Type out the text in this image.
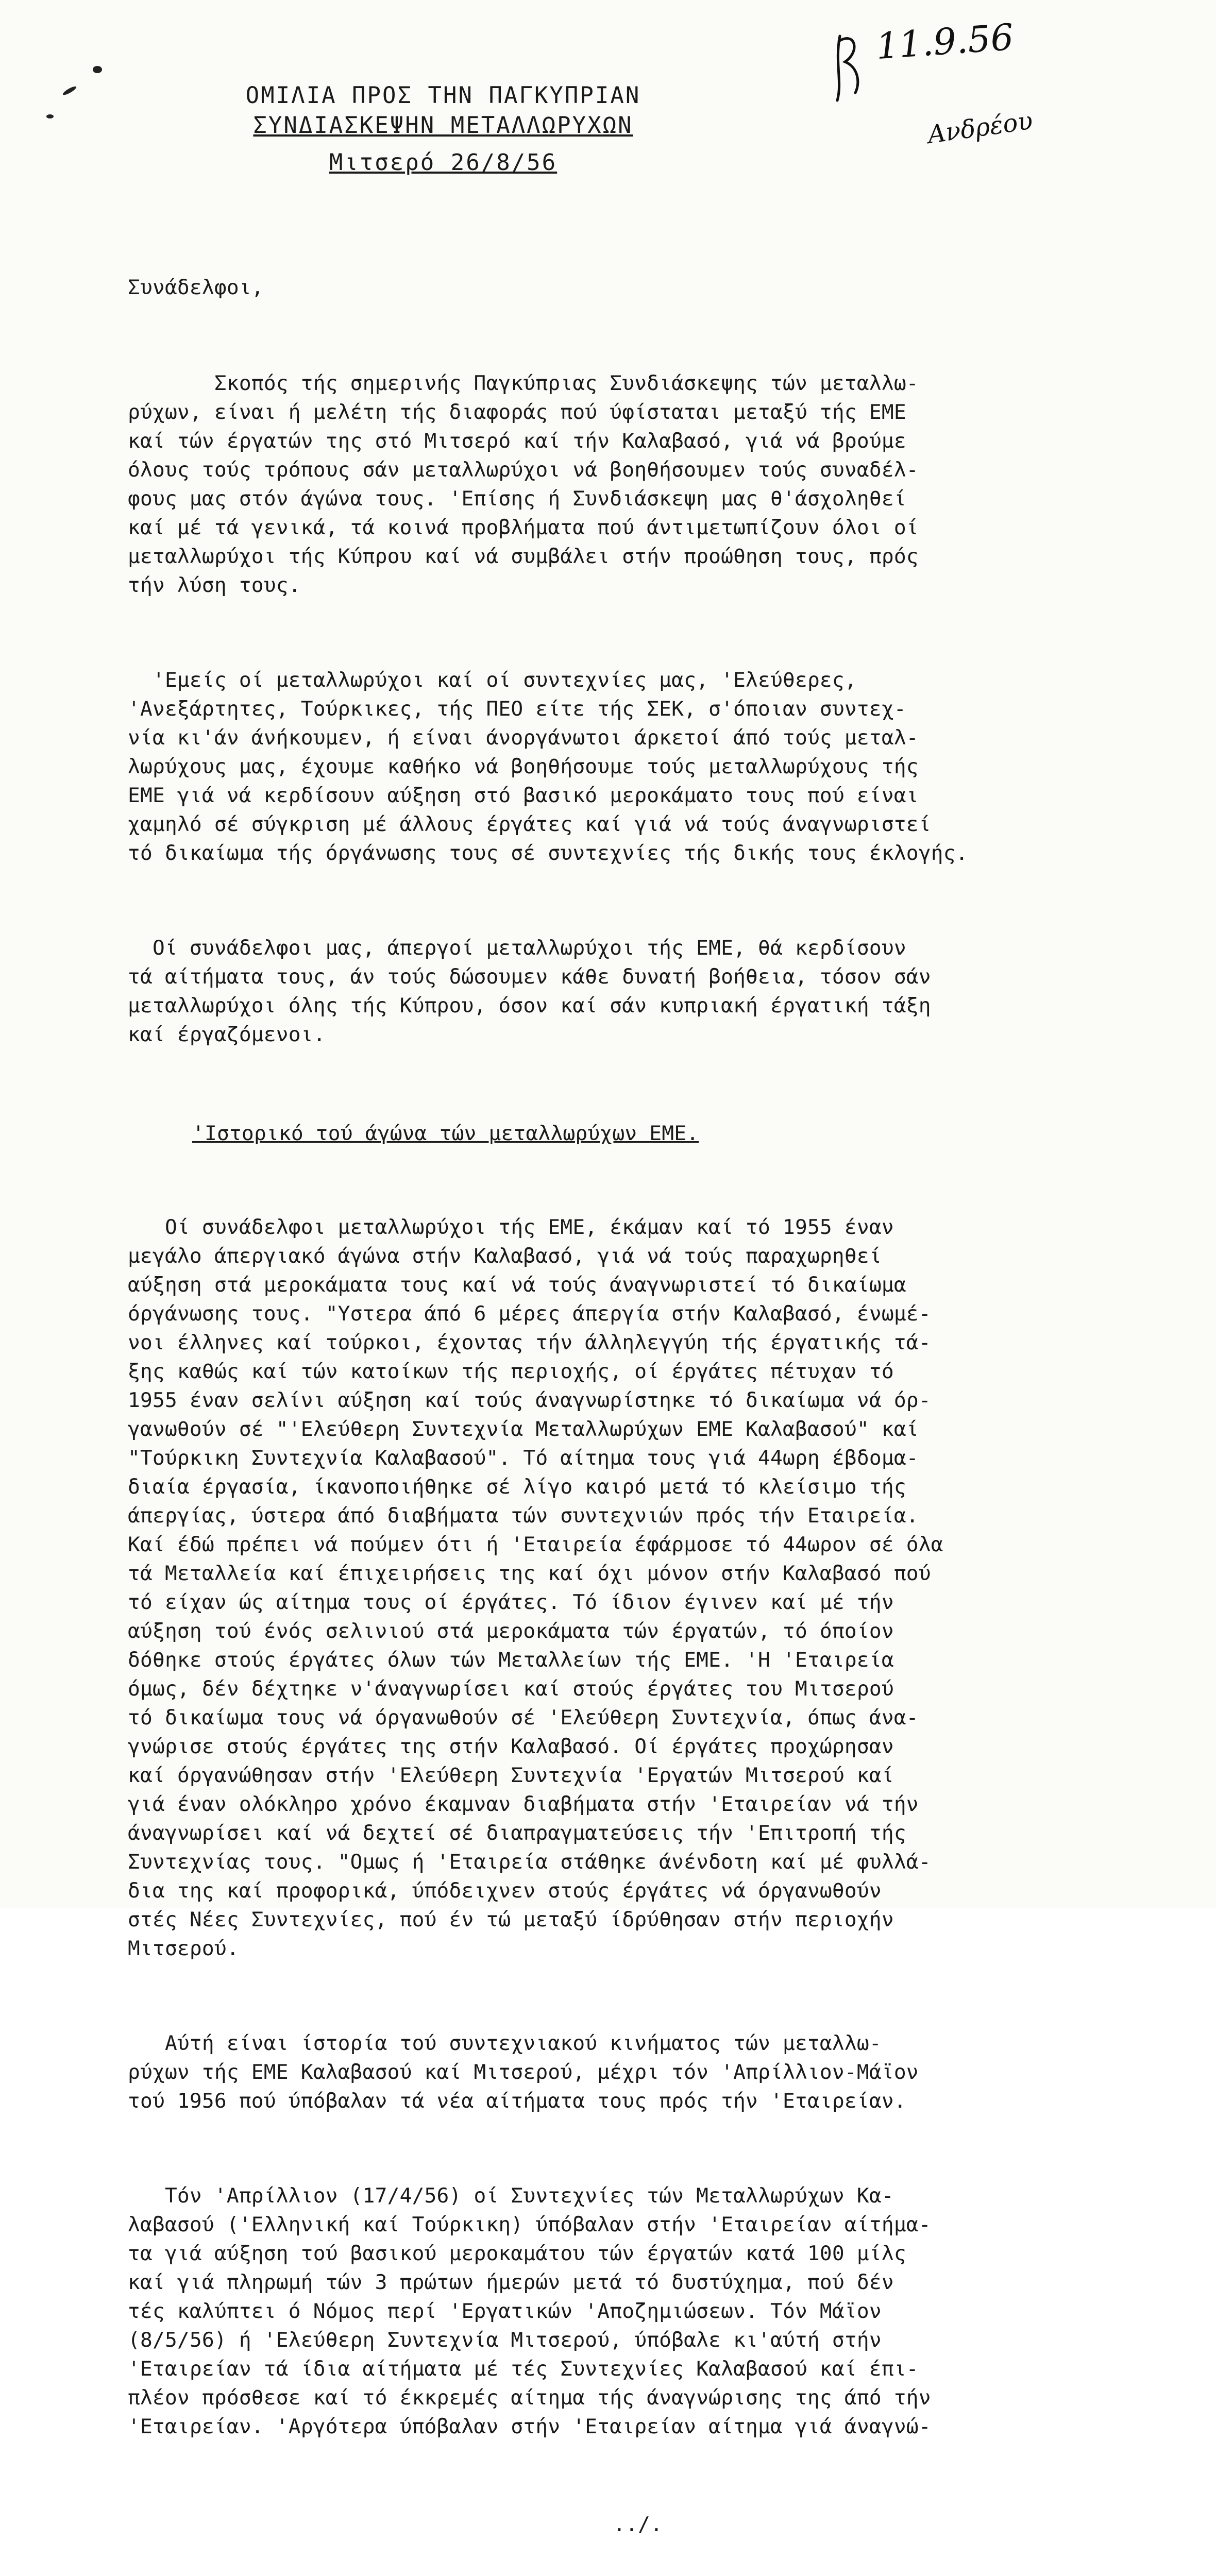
ΟΜΙΛΙΑ ΠΡΟΣ ΤΗΝ ΠΑΓΚΥΠΡΙΑΝ
ΣΥΝΔΙΑΣΚΕΨΗΝ ΜΕΤΑΛΛΩΡΥΧΩΝ
Μιτσερό 26/8/56
11.9.56
Ανδρέου

Συνάδελφοι,

Σκοπός τής σημερινής Παγκύπριας Συνδιάσκεψης τών μεταλλω-
ρύχων, είναι ή μελέτη τής διαφοράς πού ύφίσταται μεταξύ τής ΕΜΕ
καί τών έργατών της στό Μιτσερό καί τήν Καλαβασό, γιά νά βρούμε
όλους τούς τρόπους σάν μεταλλωρύχοι νά βοηθήσουμεν τούς συναδέλ-
φους μας στόν άγώνα τους. 'Επίσης ή Συνδιάσκεψη μας θ'άσχοληθεί
καί μέ τά γενικά, τά κοινά προβλήματα πού άντιμετωπίζουν όλοι οί
μεταλλωρύχοι τής Κύπρου καί νά συμβάλει στήν προώθηση τους, πρός
τήν λύση τους.

'Εμείς οί μεταλλωρύχοι καί οί συντεχνίες μας, 'Ελεύθερες,
'Ανεξάρτητες, Τούρκικες, τής ΠΕΟ είτε τής ΣΕΚ, σ'όποιαν συντεχ-
νία κι'άν άνήκουμεν, ή είναι άνοργάνωτοι άρκετοί άπό τούς μεταλ-
λωρύχους μας, έχουμε καθήκο νά βοηθήσουμε τούς μεταλλωρύχους τής
ΕΜΕ γιά νά κερδίσουν αύξηση στό βασικό μεροκάματο τους πού είναι
χαμηλό σέ σύγκριση μέ άλλους έργάτες καί γιά νά τούς άναγνωριστεί
τό δικαίωμα τής όργάνωσης τους σέ συντεχνίες τής δικής τους έκλογής.

Οί συνάδελφοι μας, άπεργοί μεταλλωρύχοι τής ΕΜΕ, θά κερδίσουν
τά αίτήματα τους, άν τούς δώσουμεν κάθε δυνατή βοήθεια, τόσον σάν
μεταλλωρύχοι όλης τής Κύπρου, όσον καί σάν κυπριακή έργατική τάξη
καί έργαζόμενοι.

'Ιστορικό τού άγώνα τών μεταλλωρύχων ΕΜΕ.

Οί συνάδελφοι μεταλλωρύχοι τής ΕΜΕ, έκάμαν καί τό 1955 έναν
μεγάλο άπεργιακό άγώνα στήν Καλαβασό, γιά νά τούς παραχωρηθεί
αύξηση στά μεροκάματα τους καί νά τούς άναγνωριστεί τό δικαίωμα
όργάνωσης τους. "Υστερα άπό 6 μέρες άπεργία στήν Καλαβασό, ένωμέ-
νοι έλληνες καί τούρκοι, έχοντας τήν άλληλεγγύη τής έργατικής τά-
ξης καθώς καί τών κατοίκων τής περιοχής, οί έργάτες πέτυχαν τό
1955 έναν σελίνι αύξηση καί τούς άναγνωρίστηκε τό δικαίωμα νά όρ-
γανωθούν σέ "'Ελεύθερη Συντεχνία Μεταλλωρύχων ΕΜΕ Καλαβασού" καί
"Τούρκικη Συντεχνία Καλαβασού". Τό αίτημα τους γιά 44ωρη έβδομα-
διαία έργασία, ίκανοποιήθηκε σέ λίγο καιρό μετά τό κλείσιμο τής
άπεργίας, ύστερα άπό διαβήματα τών συντεχνιών πρός τήν Εταιρεία.
Καί έδώ πρέπει νά πούμεν ότι ή 'Εταιρεία έφάρμοσε τό 44ωρον σέ όλα
τά Μεταλλεία καί έπιχειρήσεις της καί όχι μόνον στήν Καλαβασό πού
τό είχαν ώς αίτημα τους οί έργάτες. Τό ίδιον έγινεν καί μέ τήν
αύξηση τού ένός σελινιού στά μεροκάματα τών έργατών, τό όποίον
δόθηκε στούς έργάτες όλων τών Μεταλλείων τής ΕΜΕ. 'Η 'Εταιρεία
όμως, δέν δέχτηκε ν'άναγνωρίσει καί στούς έργάτες του Μιτσερού
τό δικαίωμα τους νά όργανωθούν σέ 'Ελεύθερη Συντεχνία, όπως άνα-
γνώρισε στούς έργάτες της στήν Καλαβασό. Οί έργάτες προχώρησαν
καί όργανώθησαν στήν 'Ελεύθερη Συντεχνία 'Εργατών Μιτσερού καί
γιά έναν ολόκληρο χρόνο έκαμναν διαβήματα στήν 'Εταιρείαν νά τήν
άναγνωρίσει καί νά δεχτεί σέ διαπραγματεύσεις τήν 'Επιτροπή τής
Συντεχνίας τους. "Ομως ή 'Εταιρεία στάθηκε άνένδοτη καί μέ φυλλά-
δια της καί προφορικά, ύπόδειχνεν στούς έργάτες νά όργανωθούν
στές Νέες Συντεχνίες, πού έν τώ μεταξύ ίδρύθησαν στήν περιοχήν
Μιτσερού.

Αύτή είναι ίστορία τού συντεχνιακού κινήματος τών μεταλλω-
ρύχων τής ΕΜΕ Καλαβασού καί Μιτσερού, μέχρι τόν 'Απρίλλιον-Μάϊον
τού 1956 πού ύπόβαλαν τά νέα αίτήματα τους πρός τήν 'Εταιρείαν.

Τόν 'Απρίλλιον (17/4/56) οί Συντεχνίες τών Μεταλλωρύχων Κα-
λαβασού ('Ελληνική καί Τούρκικη) ύπόβαλαν στήν 'Εταιρείαν αίτήμα-
τα γιά αύξηση τού βασικού μεροκαμάτου τών έργατών κατά 100 μίλς
καί γιά πληρωμή τών 3 πρώτων ήμερών μετά τό δυστύχημα, πού δέν
τές καλύπτει ό Νόμος περί 'Εργατικών 'Αποζημιώσεων. Τόν Μάϊον
(8/5/56) ή 'Ελεύθερη Συντεχνία Μιτσερού, ύπόβαλε κι'αύτή στήν
'Εταιρείαν τά ίδια αίτήματα μέ τές Συντεχνίες Καλαβασού καί έπι-
πλέον πρόσθεσε καί τό έκκρεμές αίτημα τής άναγνώρισης της άπό τήν
'Εταιρείαν. 'Αργότερα ύπόβαλαν στήν 'Εταιρείαν αίτημα γιά άναγνώ-

../.
